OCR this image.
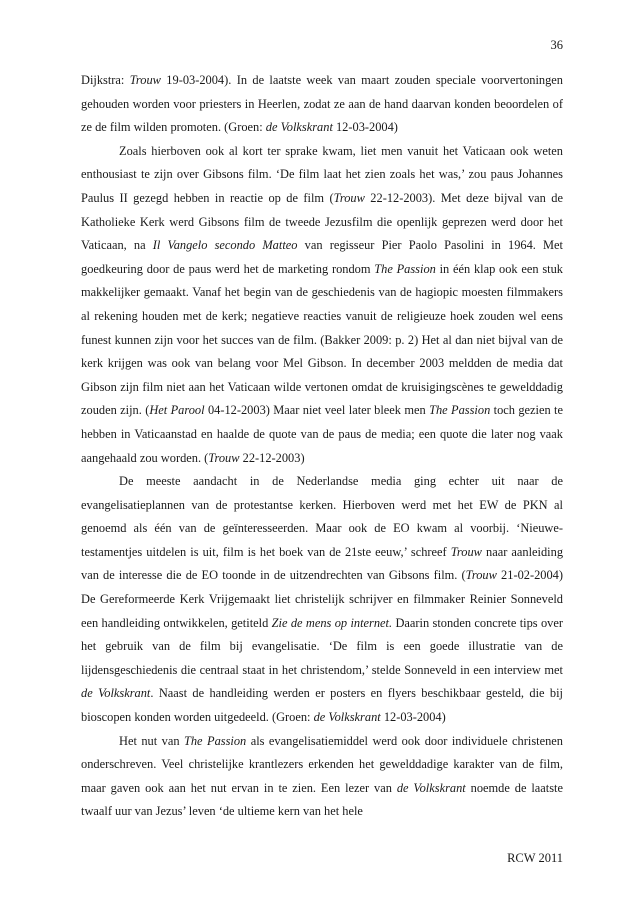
36

Dijkstra: Trouw 19-03-2004). In de laatste week van maart zouden speciale voorvertoningen gehouden worden voor priesters in Heerlen, zodat ze aan de hand daarvan konden beoordelen of ze de film wilden promoten. (Groen: de Volkskrant 12-03-2004)

Zoals hierboven ook al kort ter sprake kwam, liet men vanuit het Vaticaan ook weten enthousiast te zijn over Gibsons film. ‘De film laat het zien zoals het was,’ zou paus Johannes Paulus II gezegd hebben in reactie op de film (Trouw 22-12-2003). Met deze bijval van de Katholieke Kerk werd Gibsons film de tweede Jezusfilm die openlijk geprezen werd door het Vaticaan, na Il Vangelo secondo Matteo van regisseur Pier Paolo Pasolini in 1964. Met goedkeuring door de paus werd het de marketing rondom The Passion in één klap ook een stuk makkelijker gemaakt. Vanaf het begin van de geschiedenis van de hagiopic moesten filmmakers al rekening houden met de kerk; negatieve reacties vanuit de religieuze hoek zouden wel eens funest kunnen zijn voor het succes van de film. (Bakker 2009: p. 2) Het al dan niet bijval van de kerk krijgen was ook van belang voor Mel Gibson. In december 2003 meldden de media dat Gibson zijn film niet aan het Vaticaan wilde vertonen omdat de kruisigingscènes te gewelddadig zouden zijn. (Het Parool 04-12-2003) Maar niet veel later bleek men The Passion toch gezien te hebben in Vaticaanstad en haalde de quote van de paus de media; een quote die later nog vaak aangehaald zou worden. (Trouw 22-12-2003)

De meeste aandacht in de Nederlandse media ging echter uit naar de evangelisatieplannen van de protestantse kerken. Hierboven werd met het EW de PKN al genoemd als één van de geïnteresseerden. Maar ook de EO kwam al voorbij. ‘Nieuwe-testamentjes uitdelen is uit, film is het boek van de 21ste eeuw,’ schreef Trouw naar aanleiding van de interesse die de EO toonde in de uitzendrechten van Gibsons film. (Trouw 21-02-2004) De Gereformeerde Kerk Vrijgemaakt liet christelijk schrijver en filmmaker Reinier Sonneveld een handleiding ontwikkelen, getiteld Zie de mens op internet. Daarin stonden concrete tips over het gebruik van de film bij evangelisatie. ‘De film is een goede illustratie van de lijdensgeschiedenis die centraal staat in het christendom,’ stelde Sonneveld in een interview met de Volkskrant. Naast de handleiding werden er posters en flyers beschikbaar gesteld, die bij bioscopen konden worden uitgedeeld. (Groen: de Volkskrant 12-03-2004)

Het nut van The Passion als evangelisatiemiddel werd ook door individuele christenen onderschreven. Veel christelijke krantlezers erkenden het gewelddadige karakter van de film, maar gaven ook aan het nut ervan in te zien. Een lezer van de Volkskrant noemde de laatste twaalf uur van Jezus’ leven ‘de ultieme kern van het hele

RCW 2011
